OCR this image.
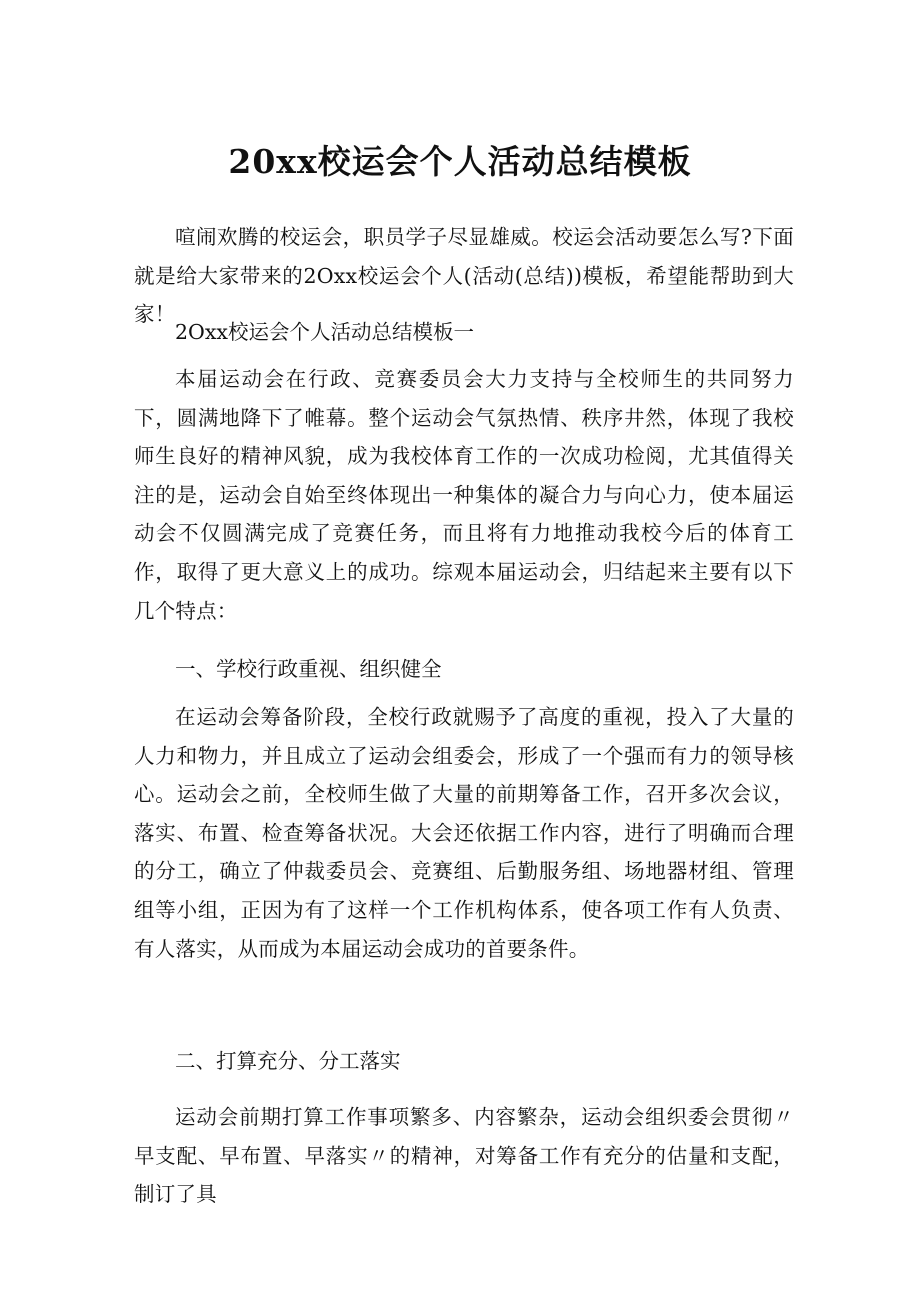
20xx校运会个人活动总结模板

喧闹欢腾的校运会，职员学子尽显雄威。校运会活动要怎么写?下面就是给大家带来的2Oxx校运会个人(活动(总结))模板，希望能帮助到大家！

2Oxx校运会个人活动总结模板一

本届运动会在行政、竞赛委员会大力支持与全校师生的共同努力下，圆满地降下了帷幕。整个运动会气氛热情、秩序井然，体现了我校师生良好的精神风貌，成为我校体育工作的一次成功检阅，尤其值得关注的是，运动会自始至终体现出一种集体的凝合力与向心力，使本届运动会不仅圆满完成了竞赛任务，而且将有力地推动我校今后的体育工作，取得了更大意义上的成功。综观本届运动会，归结起来主要有以下几个特点：

一、学校行政重视、组织健全

在运动会筹备阶段，全校行政就赐予了高度的重视，投入了大量的人力和物力，并且成立了运动会组委会，形成了一个强而有力的领导核心。运动会之前，全校师生做了大量的前期筹备工作，召开多次会议，落实、布置、检查筹备状况。大会还依据工作内容，进行了明确而合理的分工，确立了仲裁委员会、竞赛组、后勤服务组、场地器材组、管理组等小组，正因为有了这样一个工作机构体系，使各项工作有人负责、有人落实，从而成为本届运动会成功的首要条件。

二、打算充分、分工落实

运动会前期打算工作事项繁多、内容繁杂，运动会组织委会贯彻〃早支配、早布置、早落实〃的精神，对筹备工作有充分的估量和支配，制订了具
